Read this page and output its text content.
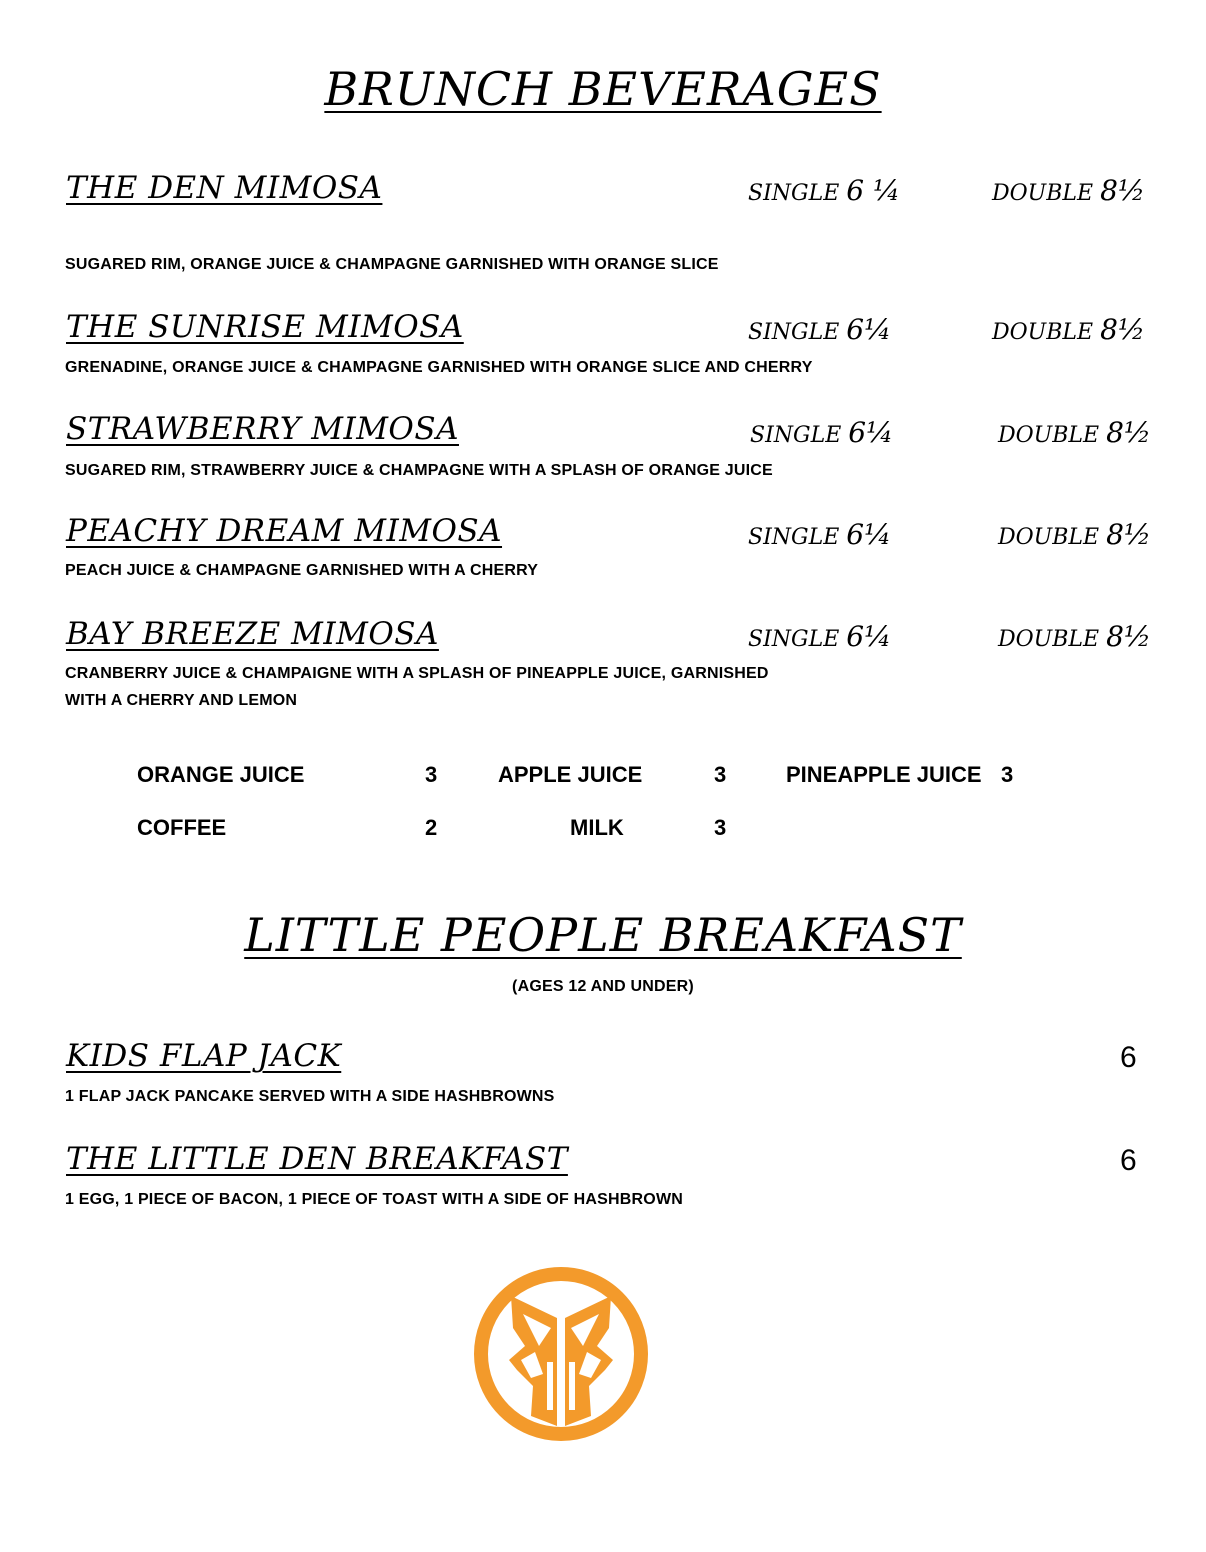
BRUNCH BEVERAGES
THE DEN MIMOSA	SINGLE 6 ¼	DOUBLE 8½
SUGARED RIM, ORANGE JUICE & CHAMPAGNE GARNISHED WITH ORANGE SLICE
THE SUNRISE MIMOSA	SINGLE 6¼	DOUBLE 8½
GRENADINE, ORANGE JUICE & CHAMPAGNE GARNISHED WITH ORANGE SLICE AND CHERRY
STRAWBERRY MIMOSA	SINGLE 6¼	DOUBLE 8½
SUGARED RIM, STRAWBERRY JUICE & CHAMPAGNE WITH A SPLASH OF ORANGE JUICE
PEACHY DREAM MIMOSA	SINGLE 6¼	DOUBLE 8½
PEACH JUICE & CHAMPAGNE GARNISHED WITH A CHERRY
BAY BREEZE MIMOSA	SINGLE 6¼	DOUBLE 8½
CRANBERRY JUICE & CHAMPAIGNE WITH A SPLASH OF PINEAPPLE JUICE, GARNISHED
WITH A CHERRY AND LEMON
ORANGE JUICE	3	APPLE JUICE	3	PINEAPPLE JUICE 3
COFFEE	2	MILK	3
LITTLE PEOPLE BREAKFAST
(AGES 12 AND UNDER)
KIDS FLAP JACK	6
1 FLAP JACK PANCAKE SERVED WITH A SIDE HASHBROWNS
THE LITTLE DEN BREAKFAST	6
1 EGG, 1 PIECE OF BACON, 1 PIECE OF TOAST WITH A SIDE OF HASHBROWN
